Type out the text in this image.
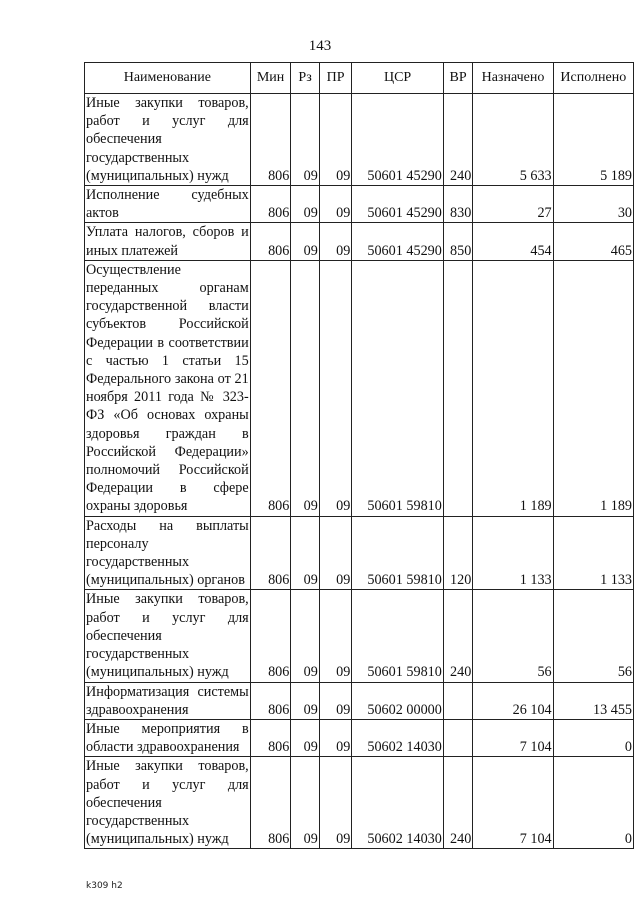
143
Наименование	Мин	Рз	ПР	ЦСР	ВР	Назначено	Исполнено
Иные закупки товаров, работ и услуг для обеспечения государственных (муниципальных) нужд	806	09	09	50601 45290	240	5 633	5 189
Исполнение судебных актов	806	09	09	50601 45290	830	27	30
Уплата налогов, сборов и иных платежей	806	09	09	50601 45290	850	454	465
Осуществление переданных органам государственной власти субъектов Российской Федерации в соответствии с частью 1 статьи 15 Федерального закона от 21 ноября 2011 года № 323-ФЗ «Об основах охраны здоровья граждан в Российской Федерации» полномочий Российской Федерации в сфере охраны здоровья	806	09	09	50601 59810		1 189	1 189
Расходы на выплаты персоналу государственных (муниципальных) органов	806	09	09	50601 59810	120	1 133	1 133
Иные закупки товаров, работ и услуг для обеспечения государственных (муниципальных) нужд	806	09	09	50601 59810	240	56	56
Информатизация системы здравоохранения	806	09	09	50602 00000		26 104	13 455
Иные мероприятия в области здравоохранения	806	09	09	50602 14030		7 104	0
Иные закупки товаров, работ и услуг для обеспечения государственных (муниципальных) нужд	806	09	09	50602 14030	240	7 104	0
k309 h2
